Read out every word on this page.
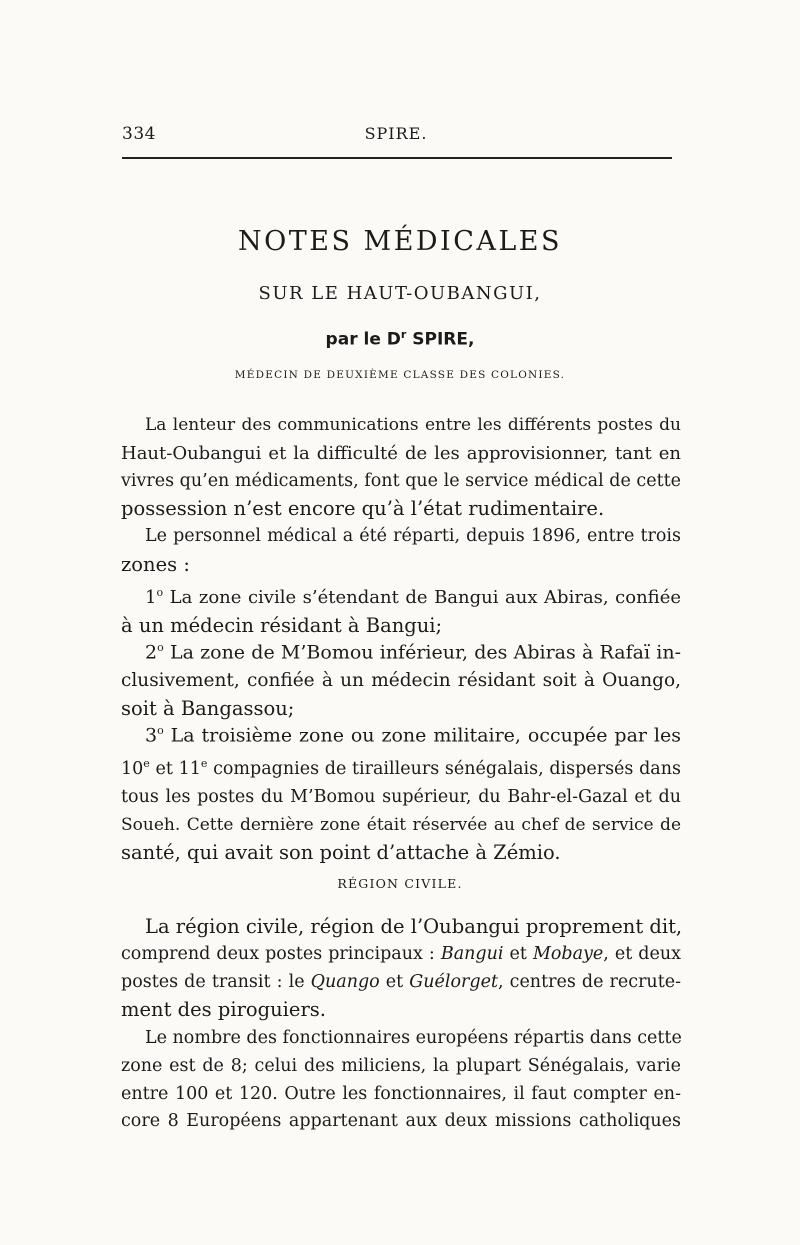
334	SPIRE.
NOTES MÉDICALES
SUR LE HAUT-OUBANGUI,
par le $D^r$ SPIRE,
MÉDECIN DE DEUXIÈME CLASSE DES COLONIES.
La lenteur des communications entre les différents postes du
Haut-Oubangui et la difficulté de les approvisionner, tant en
vivres qu’en médicaments, font que le service médical de cette
possession n’est encore qu’à l’état rudimentaire.
Le personnel médical a été réparti, depuis 1896, entre trois
zones :
1$^o$ La zone civile s’étendant de Bangui aux Abiras, confiée
à un médecin résidant à Bangui;
2$^o$ La zone de M’Bomou inférieur, des Abiras à Rafaï in-
clusivement, confiée à un médecin résidant soit à Ouango,
soit à Bangassou;
3$^o$ La troisième zone ou zone militaire, occupée par les
10e et 11e compagnies de tirailleurs sénégalais, dispersés dans
tous les postes du M’Bomou supérieur, du Bahr-el-Gazal et du
Soueh. Cette dernière zone était réservée au chef de service de
santé, qui avait son point d’attache à Zémio.
RÉGION CIVILE.
La région civile, région de l’Oubangui proprement dit,
comprend deux postes principaux : Bangui et Mobaye, et deux
postes de transit : le Quango et Guélorget, centres de recrute-
ment des piroguiers.
Le nombre des fonctionnaires européens répartis dans cette
zone est de 8; celui des miliciens, la plupart Sénégalais, varie
entre 100 et 120. Outre les fonctionnaires, il faut compter en-
core 8 Européens appartenant aux deux missions catholiques
